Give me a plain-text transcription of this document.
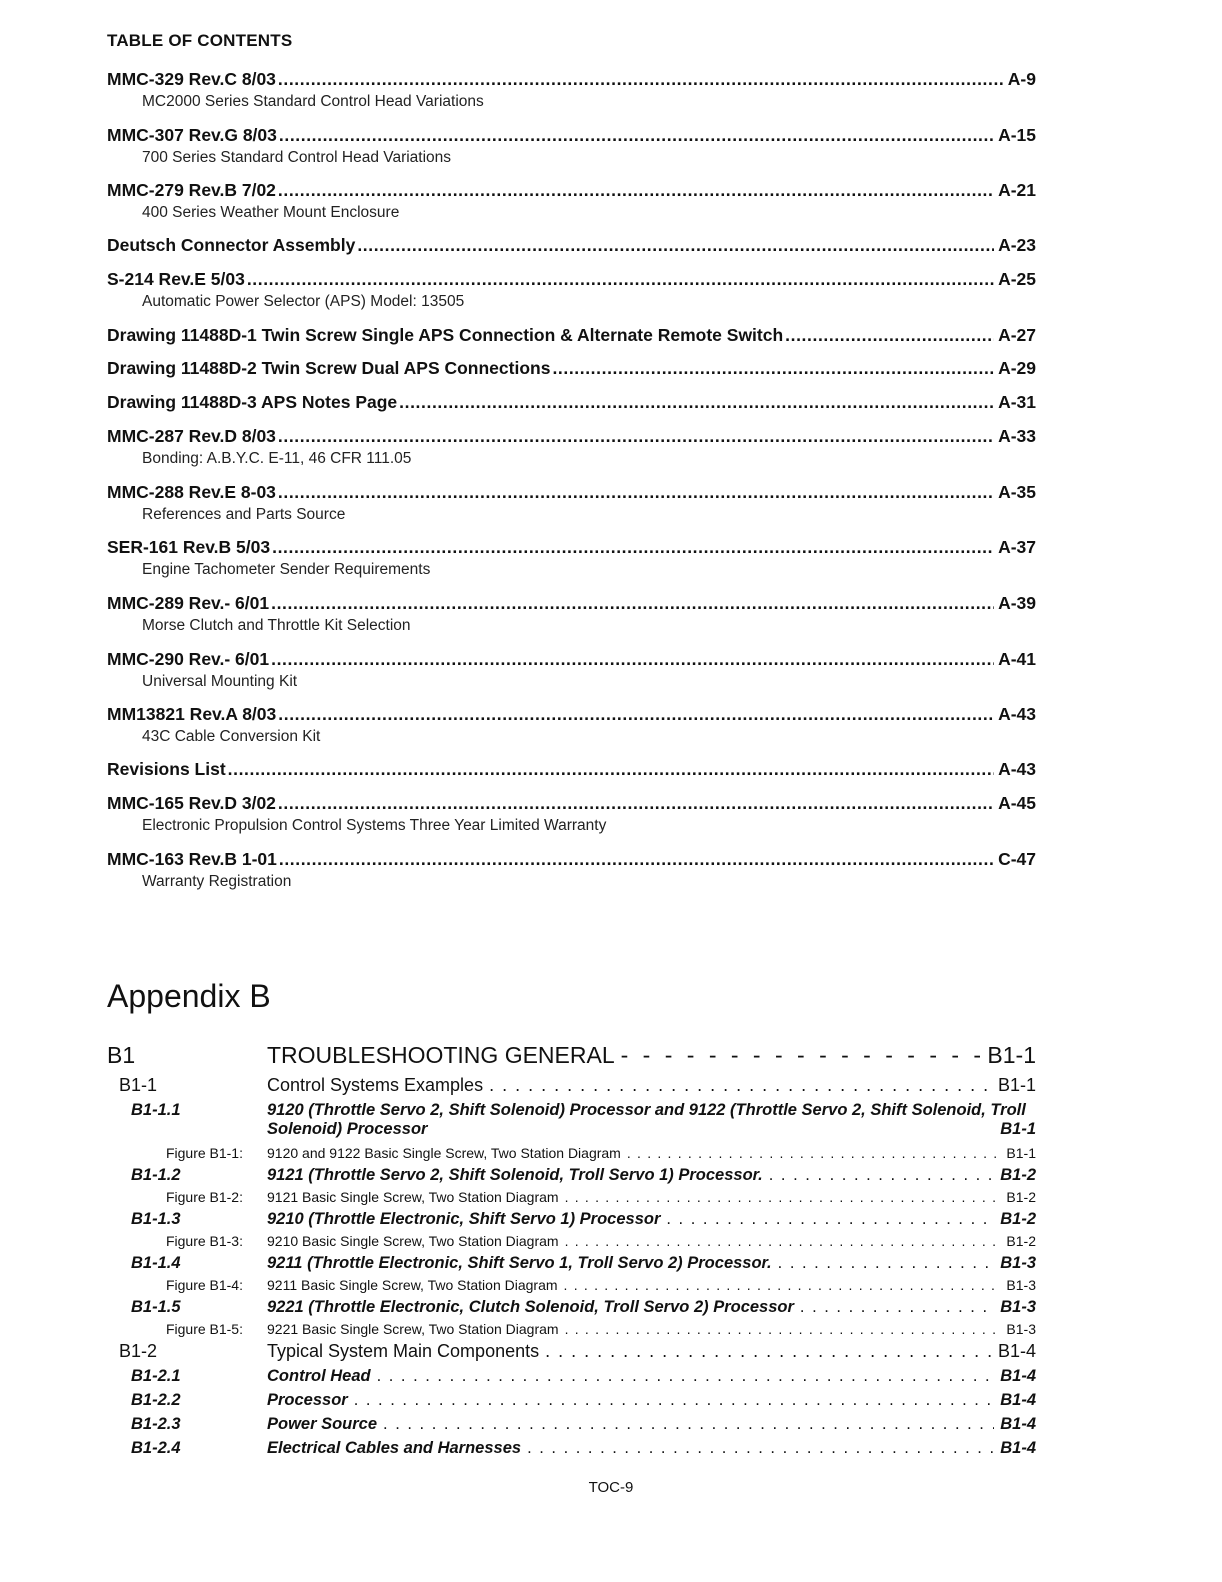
TABLE OF CONTENTS
MMC-329 Rev.C 8/03 .....	A-9
MC2000 Series Standard Control Head Variations
MMC-307 Rev.G 8/03 .....	A-15
700 Series Standard Control Head Variations
MMC-279 Rev.B 7/02 .....	A-21
400 Series Weather Mount Enclosure
Deutsch Connector Assembly .....	A-23
S-214 Rev.E 5/03 .....	A-25
Automatic Power Selector (APS) Model: 13505
Drawing 11488D-1 Twin Screw Single APS Connection & Alternate Remote Switch .....	A-27
Drawing 11488D-2 Twin Screw Dual APS Connections .....	A-29
Drawing 11488D-3 APS Notes Page .....	A-31
MMC-287 Rev.D 8/03 .....	A-33
Bonding: A.B.Y.C. E-11, 46 CFR 111.05
MMC-288 Rev.E 8-03 .....	A-35
References and Parts Source
SER-161 Rev.B 5/03 .....	A-37
Engine Tachometer Sender Requirements
MMC-289 Rev.- 6/01 .....	A-39
Morse Clutch and Throttle Kit Selection
MMC-290 Rev.- 6/01 .....	A-41
Universal Mounting Kit
MM13821 Rev.A 8/03 .....	A-43
43C Cable Conversion Kit
Revisions List .....	A-43
MMC-165 Rev.D 3/02 .....	A-45
Electronic Propulsion Control Systems Three Year Limited Warranty
MMC-163 Rev.B 1-01 .....	C-47
Warranty Registration
Appendix B
B1	TROUBLESHOOTING GENERAL - - -	B1-1
B1-1	Control Systems Examples . . .	B1-1
B1-1.1	9120 (Throttle Servo 2, Shift Solenoid) Processor and 9122 (Throttle Servo 2, Shift Solenoid, Troll
Solenoid) Processor	B1-1
Figure B1-1: 9120 and 9122 Basic Single Screw, Two Station Diagram . . .	B1-1
B1-1.2	9121 (Throttle Servo 2, Shift Solenoid, Troll Servo 1) Processor. . . .	B1-2
Figure B1-2: 9121 Basic Single Screw, Two Station Diagram . . .	B1-2
B1-1.3	9210 (Throttle Electronic, Shift Servo 1) Processor . . .	B1-2
Figure B1-3: 9210 Basic Single Screw, Two Station Diagram . . .	B1-2
B1-1.4	9211 (Throttle Electronic, Shift Servo 1, Troll Servo 2) Processor. . . .	B1-3
Figure B1-4: 9211 Basic Single Screw, Two Station Diagram . . .	B1-3
B1-1.5	9221 (Throttle Electronic, Clutch Solenoid, Troll Servo 2) Processor . . .	B1-3
Figure B1-5: 9221 Basic Single Screw, Two Station Diagram . . .	B1-3
B1-2	Typical System Main Components . . .	B1-4
B1-2.1	Control Head . . .	B1-4
B1-2.2	Processor . . .	B1-4
B1-2.3	Power Source . . .	B1-4
B1-2.4	Electrical Cables and Harnesses . . .	B1-4
TOC-9
